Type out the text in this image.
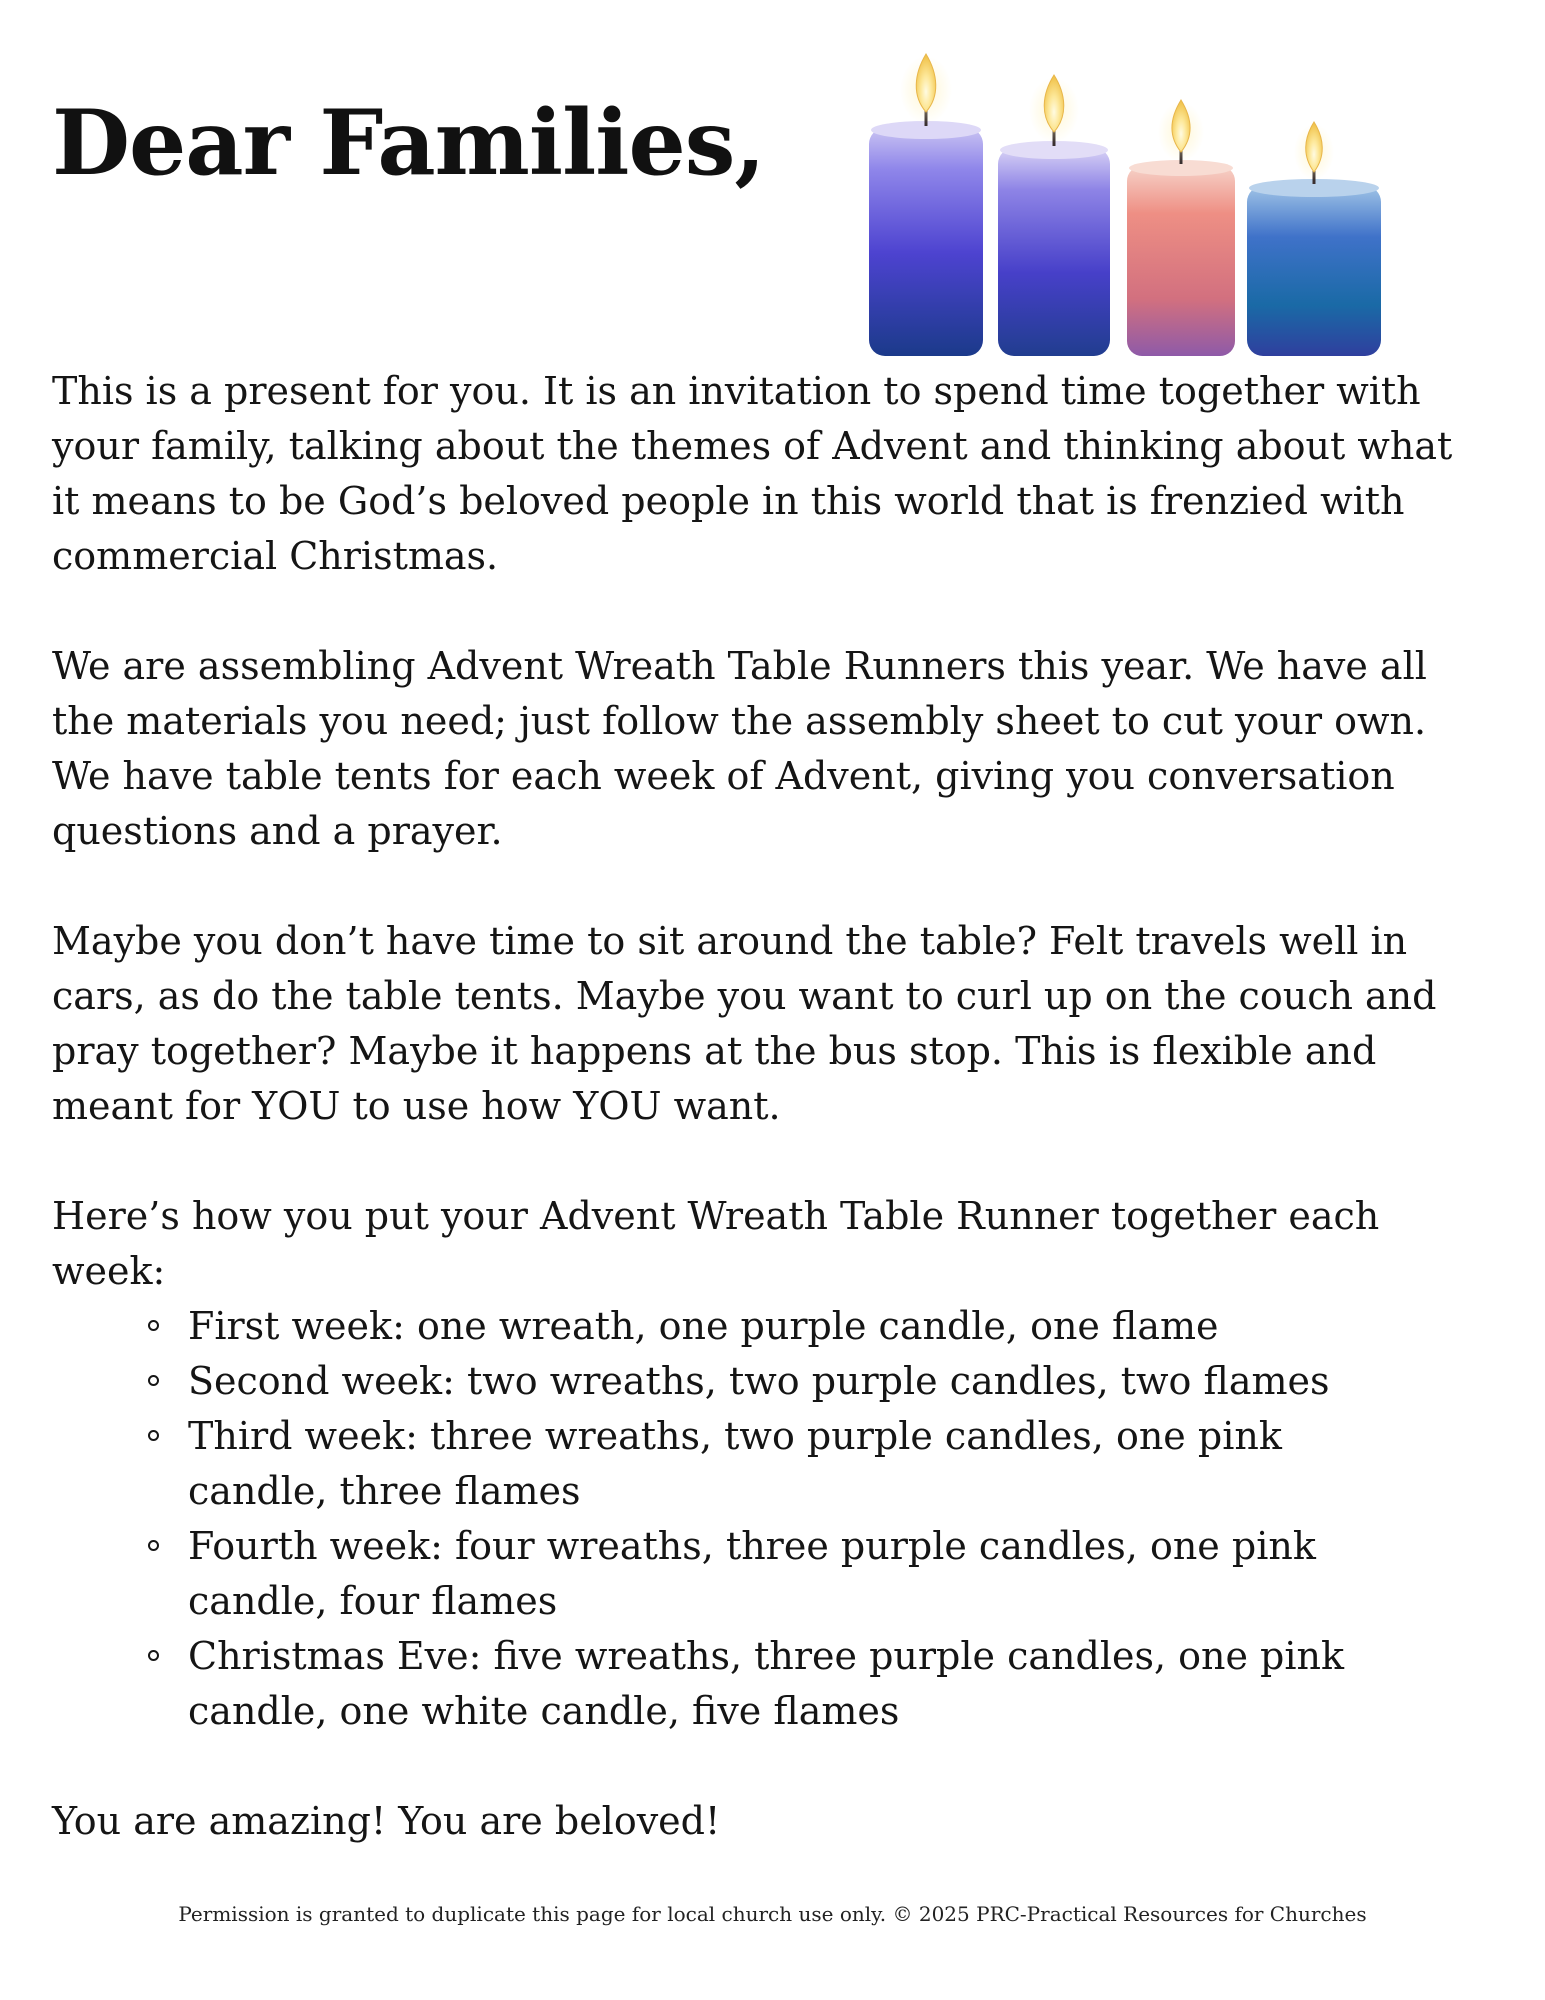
Dear Families,

This is a present for you. It is an invitation to spend time together with your family, talking about the themes of Advent and thinking about what it means to be God’s beloved people in this world that is frenzied with commercial Christmas.

We are assembling Advent Wreath Table Runners this year. We have all the materials you need; just follow the assembly sheet to cut your own. We have table tents for each week of Advent, giving you conversation questions and a prayer.

Maybe you don’t have time to sit around the table? Felt travels well in cars, as do the table tents. Maybe you want to curl up on the couch and pray together? Maybe it happens at the bus stop. This is flexible and meant for YOU to use how YOU want.

Here’s how you put your Advent Wreath Table Runner together each week:

First week: one wreath, one purple candle, one flame
Second week: two wreaths, two purple candles, two flames
Third week: three wreaths, two purple candles, one pink candle, three flames
Fourth week: four wreaths, three purple candles, one pink candle, four flames
Christmas Eve: five wreaths, three purple candles, one pink candle, one white candle, five flames

You are amazing! You are beloved!

Permission is granted to duplicate this page for local church use only. © 2025 PRC-Practical Resources for Churches
